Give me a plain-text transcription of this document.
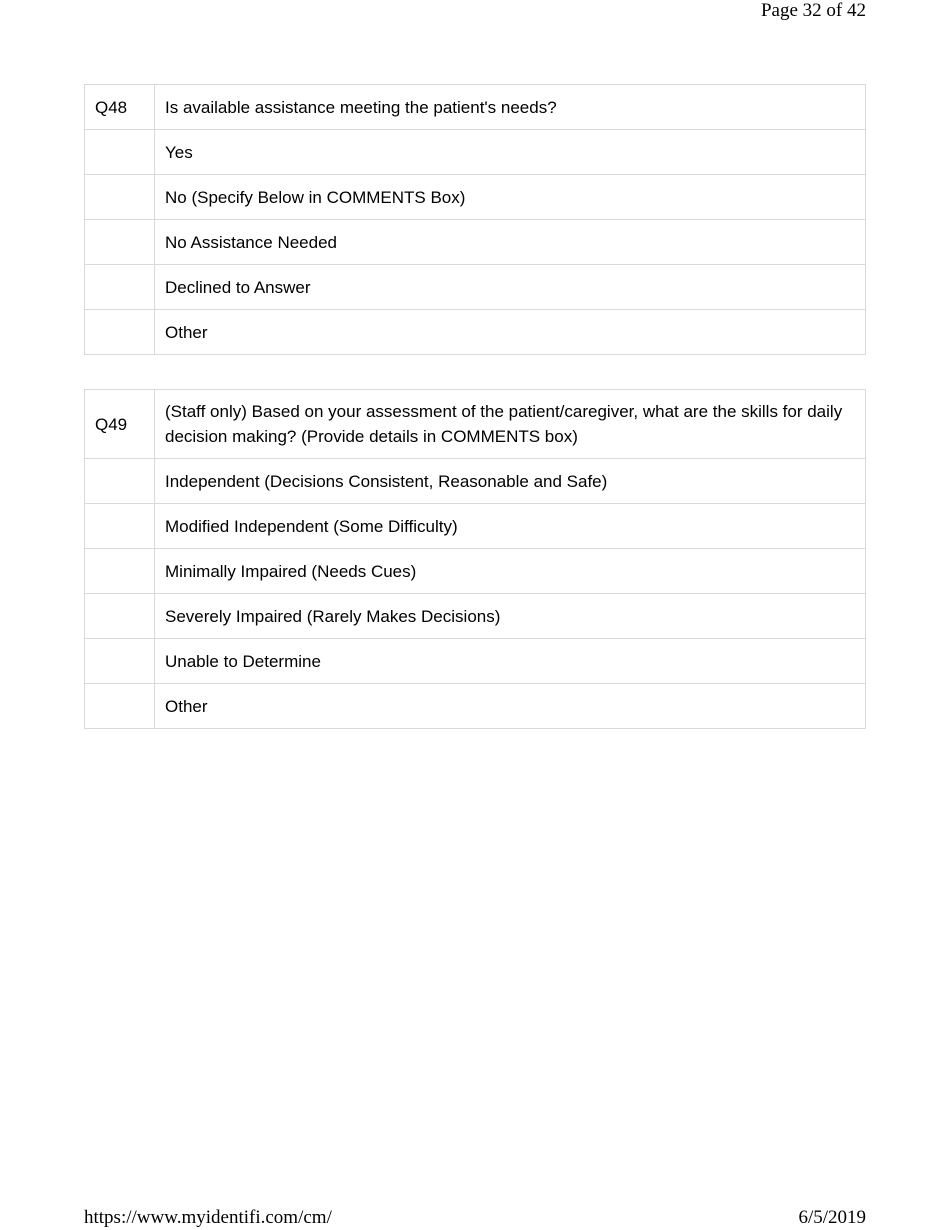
Page 32 of 42
Q48	Is available assistance meeting the patient's needs?
	Yes
	No (Specify Below in COMMENTS Box)
	No Assistance Needed
	Declined to Answer
	Other
Q49	(Staff only) Based on your assessment of the patient/caregiver, what are the skills for daily decision making? (Provide details in COMMENTS box)
	Independent (Decisions Consistent, Reasonable and Safe)
	Modified Independent (Some Difficulty)
	Minimally Impaired (Needs Cues)
	Severely Impaired (Rarely Makes Decisions)
	Unable to Determine
	Other
https://www.myidentifi.com/cm/	6/5/2019
